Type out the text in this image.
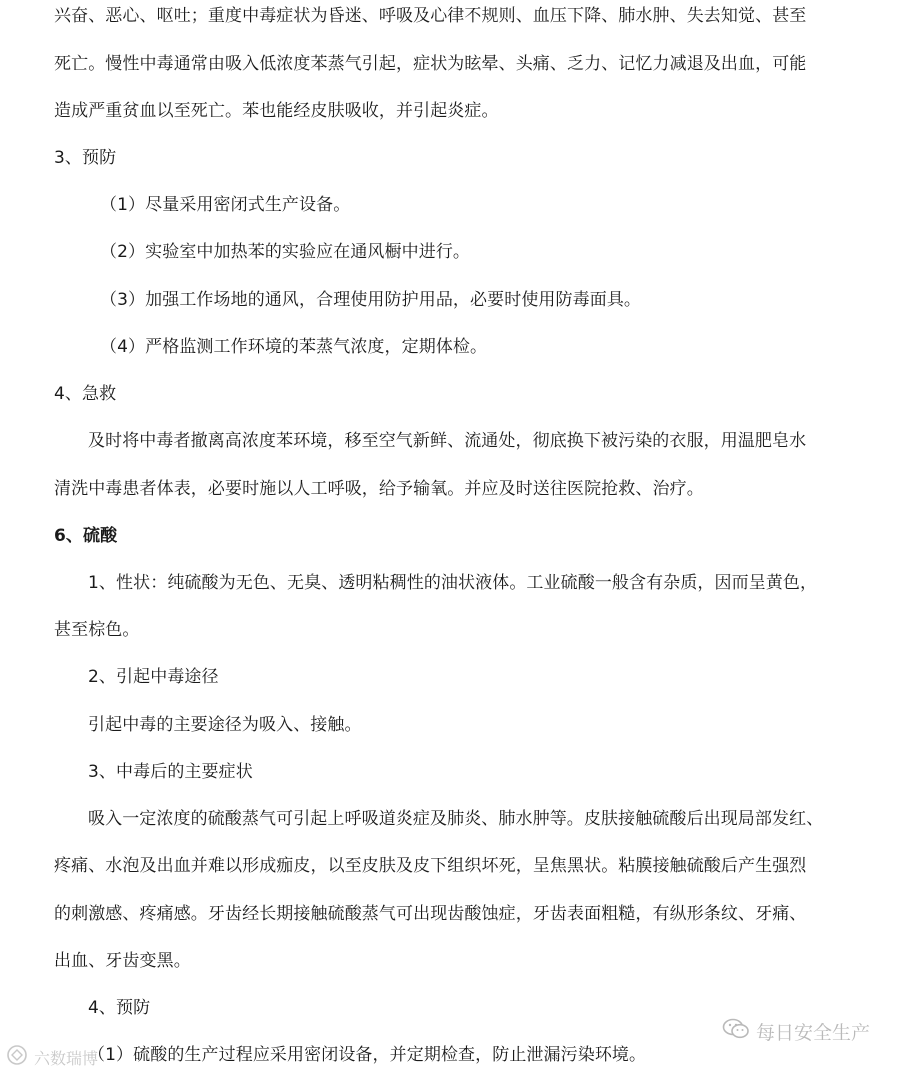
兴奋、恶心、呕吐；重度中毒症状为昏迷、呼吸及心律不规则、血压下降、肺水肿、失去知觉、甚至
死亡。慢性中毒通常由吸入低浓度苯蒸气引起，症状为眩晕、头痛、乏力、记忆力减退及出血，可能
造成严重贫血以至死亡。苯也能经皮肤吸收，并引起炎症。
3、预防
（1）尽量采用密闭式生产设备。
（2）实验室中加热苯的实验应在通风橱中进行。
（3）加强工作场地的通风，合理使用防护用品，必要时使用防毒面具。
（4）严格监测工作环境的苯蒸气浓度，定期体检。
4、急救
及时将中毒者撤离高浓度苯环境，移至空气新鲜、流通处，彻底换下被污染的衣服，用温肥皂水
清洗中毒患者体表，必要时施以人工呼吸，给予输氧。并应及时送往医院抢救、治疗。
6、硫酸
1、性状：纯硫酸为无色、无臭、透明粘稠性的油状液体。工业硫酸一般含有杂质，因而呈黄色，
甚至棕色。
2、引起中毒途径
引起中毒的主要途径为吸入、接触。
3、中毒后的主要症状
吸入一定浓度的硫酸蒸气可引起上呼吸道炎症及肺炎、肺水肿等。皮肤接触硫酸后出现局部发红、
疼痛、水泡及出血并难以形成痂皮，以至皮肤及皮下组织坏死，呈焦黑状。粘膜接触硫酸后产生强烈
的刺激感、疼痛感。牙齿经长期接触硫酸蒸气可出现齿酸蚀症，牙齿表面粗糙，有纵形条纹、牙痛、
出血、牙齿变黑。
4、预防
（1）硫酸的生产过程应采用密闭设备，并定期检查，防止泄漏污染环境。
每日安全生产
六数瑞博
